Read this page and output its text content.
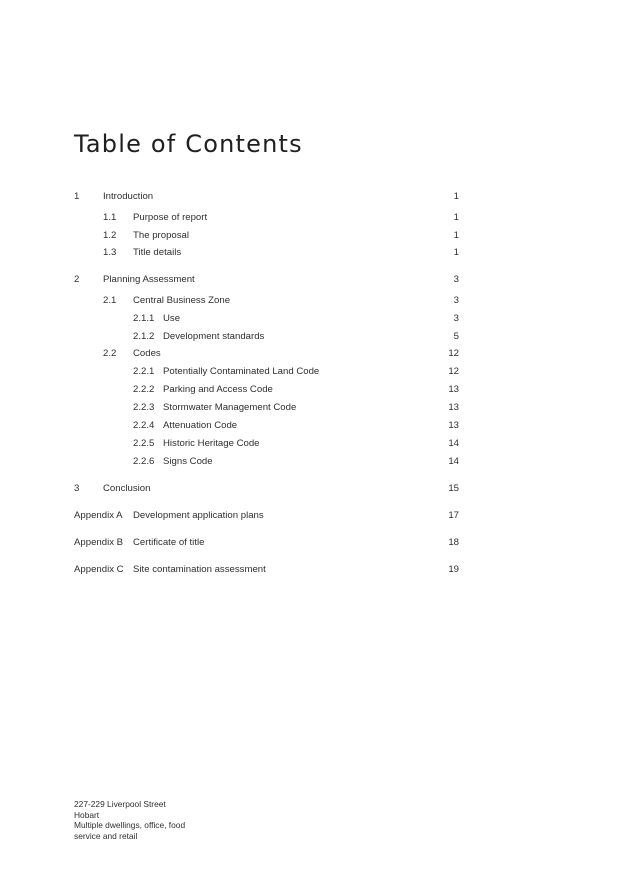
Table of Contents
1 Introduction	1
1.1 Purpose of report	1
1.2 The proposal	1
1.3 Title details	1
2 Planning Assessment	3
2.1 Central Business Zone	3
2.1.1 Use	3
2.1.2 Development standards	5
2.2 Codes	12
2.2.1 Potentially Contaminated Land Code	12
2.2.2 Parking and Access Code	13
2.2.3 Stormwater Management Code	13
2.2.4 Attenuation Code	13
2.2.5 Historic Heritage Code	14
2.2.6 Signs Code	14
3 Conclusion	15
Appendix A Development application plans	17
Appendix B Certificate of title	18
Appendix C Site contamination assessment	19
227-229 Liverpool Street
Hobart
Multiple dwellings, office, food
service and retail
